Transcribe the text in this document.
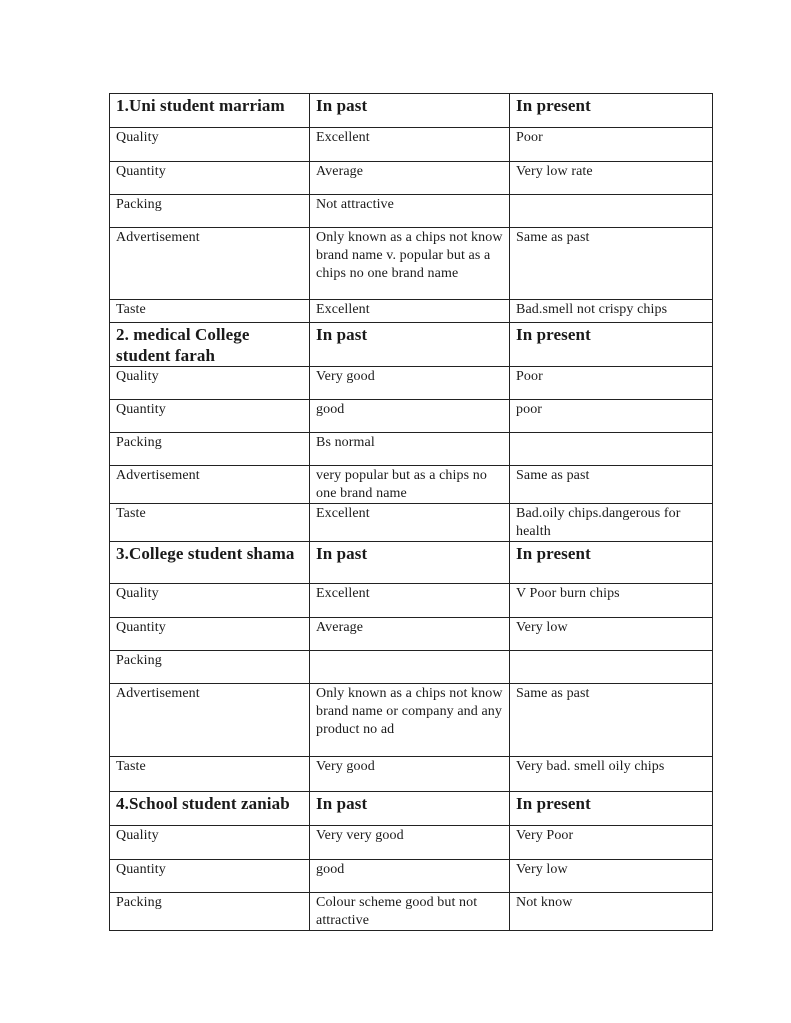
1.Uni student marriam	In past	In present
Quality	Excellent	Poor
Quantity	Average	Very low rate
Packing	Not attractive	
Advertisement	Only known as a chips not know brand name v. popular but as a chips no one brand name	Same as past
Taste	Excellent	Bad.smell not crispy chips
2. medical College student farah	In past	In present
Quality	Very good	Poor
Quantity	good	poor
Packing	Bs normal	
Advertisement	very popular but as a chips no one brand name	Same as past
Taste	Excellent	Bad.oily chips.dangerous for health
3.College student shama	In past	In present
Quality	Excellent	V Poor burn chips
Quantity	Average	Very low
Packing		
Advertisement	Only known as a chips not know brand name or company and any product no ad	Same as past
Taste	Very good	Very bad. smell oily chips
4.School student zaniab	In past	In present
Quality	Very very good	Very Poor
Quantity	good	Very low
Packing	Colour scheme good but not attractive	Not know
